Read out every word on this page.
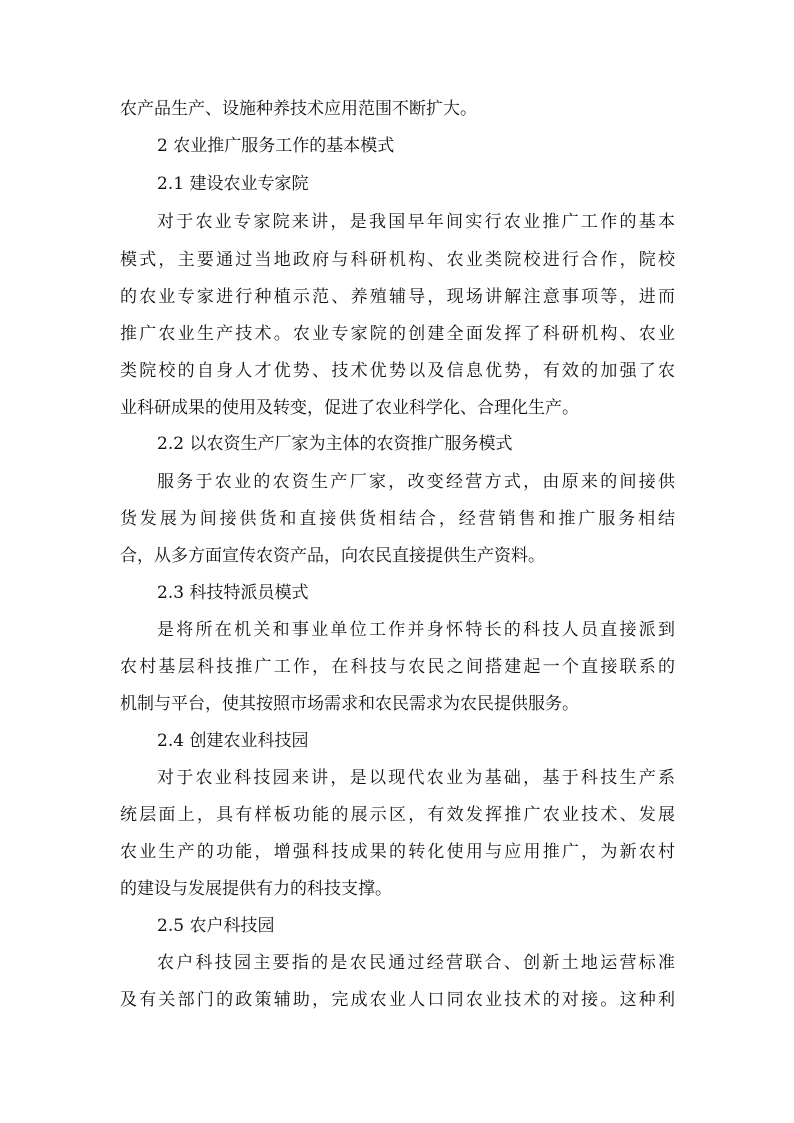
农产品生产、设施种养技术应用范围不断扩大。
2 农业推广服务工作的基本模式
2.1 建设农业专家院
对于农业专家院来讲，是我国早年间实行农业推广工作的基本
模式，主要通过当地政府与科研机构、农业类院校进行合作，院校
的农业专家进行种植示范、养殖辅导，现场讲解注意事项等，进而
推广农业生产技术。农业专家院的创建全面发挥了科研机构、农业
类院校的自身人才优势、技术优势以及信息优势，有效的加强了农
业科研成果的使用及转变，促进了农业科学化、合理化生产。
2.2 以农资生产厂家为主体的农资推广服务模式
服务于农业的农资生产厂家，改变经营方式，由原来的间接供
货发展为间接供货和直接供货相结合，经营销售和推广服务相结
合，从多方面宣传农资产品，向农民直接提供生产资料。
2.3 科技特派员模式
是将所在机关和事业单位工作并身怀特长的科技人员直接派到
农村基层科技推广工作，在科技与农民之间搭建起一个直接联系的
机制与平台，使其按照市场需求和农民需求为农民提供服务。
2.4 创建农业科技园
对于农业科技园来讲，是以现代农业为基础，基于科技生产系
统层面上，具有样板功能的展示区，有效发挥推广农业技术、发展
农业生产的功能，增强科技成果的转化使用与应用推广，为新农村
的建设与发展提供有力的科技支撑。
2.5 农户科技园
农户科技园主要指的是农民通过经营联合、创新土地运营标准
及有关部门的政策辅助，完成农业人口同农业技术的对接。这种利
